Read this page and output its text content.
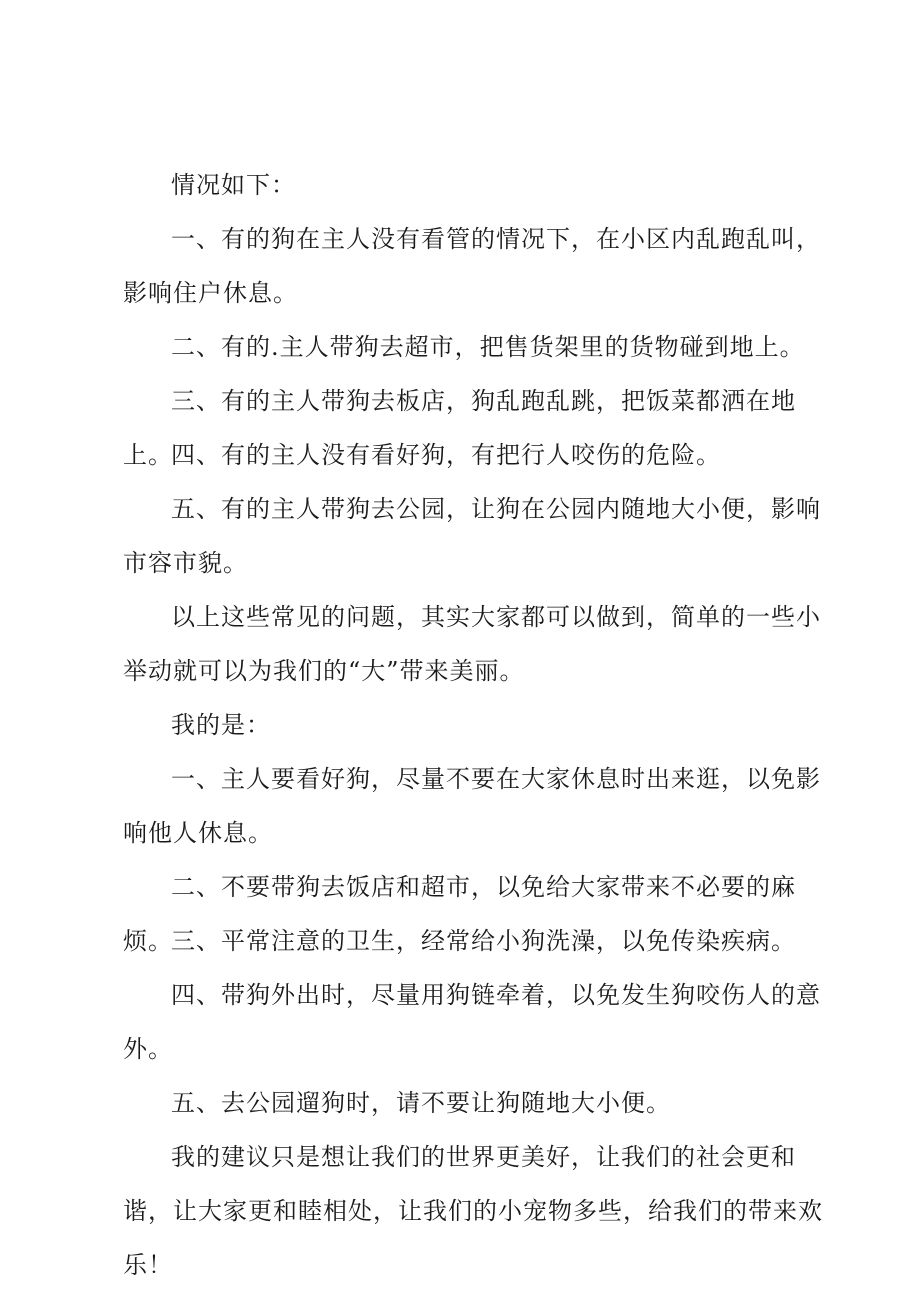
情况如下：

一、有的狗在主人没有看管的情况下，在小区内乱跑乱叫，影响住户休息。

二、有的.主人带狗去超市，把售货架里的货物碰到地上。

三、有的主人带狗去板店，狗乱跑乱跳，把饭菜都洒在地上。

四、有的主人没有看好狗，有把行人咬伤的危险。

五、有的主人带狗去公园，让狗在公园内随地大小便，影响市容市貌。

以上这些常见的问题，其实大家都可以做到，简单的一些小举动就可以为我们的“大”带来美丽。

我的是：

一、主人要看好狗，尽量不要在大家休息时出来逛，以免影响他人休息。

二、不要带狗去饭店和超市，以免给大家带来不必要的麻烦。

三、平常注意的卫生，经常给小狗洗澡，以免传染疾病。

四、带狗外出时，尽量用狗链牵着，以免发生狗咬伤人的意外。

五、去公园遛狗时，请不要让狗随地大小便。

我的建议只是想让我们的世界更美好，让我们的社会更和谐，让大家更和睦相处，让我们的小宠物多些，给我们的带来欢乐！
